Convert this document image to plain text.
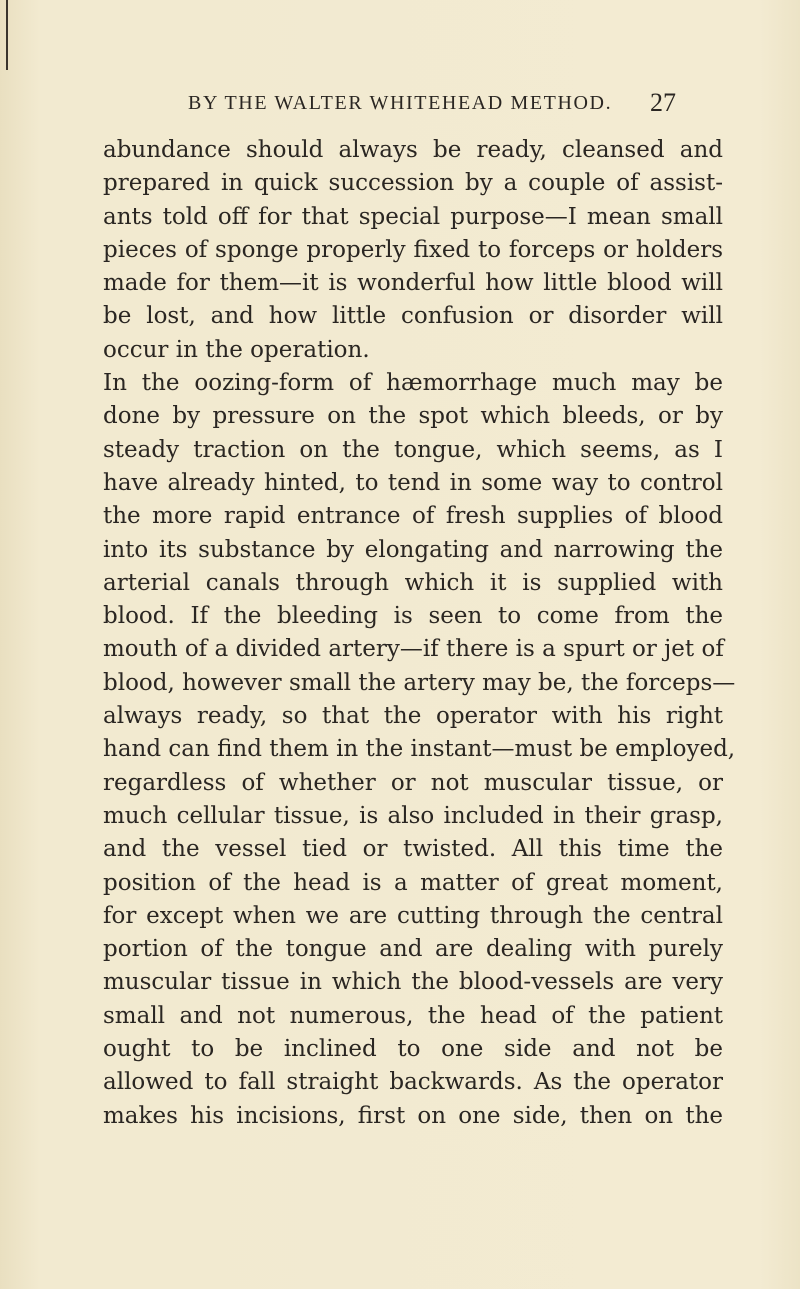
BY THE WALTER WHITEHEAD METHOD. 27
abundance should always be ready, cleansed and
prepared in quick succession by a couple of assist-
ants told off for that special purpose—I mean small
pieces of sponge properly fixed to forceps or holders
made for them—it is wonderful how little blood will
be lost, and how little confusion or disorder will
occur in the operation.
In the oozing-form of hæmorrhage much may be
done by pressure on the spot which bleeds, or by
steady traction on the tongue, which seems, as I
have already hinted, to tend in some way to control
the more rapid entrance of fresh supplies of blood
into its substance by elongating and narrowing the
arterial canals through which it is supplied with
blood. If the bleeding is seen to come from the
mouth of a divided artery—if there is a spurt or jet of
blood, however small the artery may be, the forceps—
always ready, so that the operator with his right
hand can find them in the instant—must be employed,
regardless of whether or not muscular tissue, or
much cellular tissue, is also included in their grasp,
and the vessel tied or twisted. All this time the
position of the head is a matter of great moment,
for except when we are cutting through the central
portion of the tongue and are dealing with purely
muscular tissue in which the blood-vessels are very
small and not numerous, the head of the patient
ought to be inclined to one side and not be
allowed to fall straight backwards. As the operator
makes his incisions, first on one side, then on the
